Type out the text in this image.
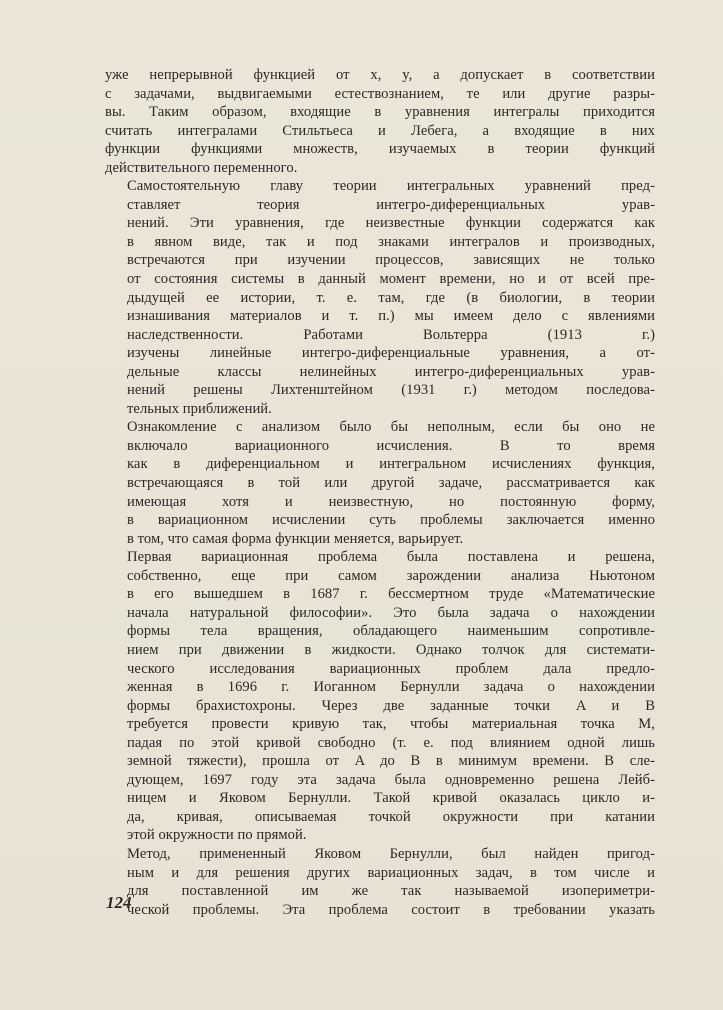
уже непрерывной функцией от x, y, а допускает в соответствии
с задачами, выдвигаемыми естествознанием, те или другие разры-
вы. Таким образом, входящие в уравнения интегралы приходится
считать интегралами Стильтьеса и Лебега, а входящие в них
функции функциями множеств, изучаемых в теории функций
действительного переменного.

Самостоятельную главу теории интегральных уравнений пред-
ставляет теория интегро-диференциальных урав-
нений. Эти уравнения, где неизвестные функции содержатся как
в явном виде, так и под знаками интегралов и производных,
встречаются при изучении процессов, зависящих не только
от состояния системы в данный момент времени, но и от всей пре-
дыдущей ее истории, т. е. там, где (в биологии, в теории
изнашивания материалов и т. п.) мы имеем дело с явлениями
наследственности. Работами Вольтерра (1913 г.)
изучены линейные интегро-диференциальные уравнения, а от-
дельные классы нелинейных интегро-диференциальных урав-
нений решены Лихтенштейном (1931 г.) методом последова-
тельных приближений.

Ознакомление с анализом было бы неполным, если бы оно не
включало вариационного исчисления. В то время
как в диференциальном и интегральном исчислениях функция,
встречающаяся в той или другой задаче, рассматривается как
имеющая хотя и неизвестную, но постоянную форму,
в вариационном исчислении суть проблемы заключается именно
в том, что самая форма функции меняется, варьирует.

Первая вариационная проблема была поставлена и решена,
собственно, еще при самом зарождении анализа Ньютоном
в его вышедшем в 1687 г. бессмертном труде «Математические
начала натуральной философии». Это была задача о нахождении
формы тела вращения, обладающего наименьшим сопротивле-
нием при движении в жидкости. Однако толчок для системати-
ческого исследования вариационных проблем дала предло-
женная в 1696 г. Иоганном Бернулли задача о нахождении
формы брахистохроны. Через две заданные точки A и B
требуется провести кривую так, чтобы материальная точка M,
падая по этой кривой свободно (т. е. под влиянием одной лишь
земной тяжести), прошла от A до B в минимум времени. В сле-
дующем, 1697 году эта задача была одновременно решена Лейб-
ницем и Яковом Бернулли. Такой кривой оказалась цикло и-
да, кривая, описываемая точкой окружности при катании
этой окружности по прямой.

Метод, примененный Яковом Бернулли, был найден пригод-
ным и для решения других вариационных задач, в том числе и
для поставленной им же так называемой изопериметри-
ческой проблемы. Эта проблема состоит в требовании указать

124
